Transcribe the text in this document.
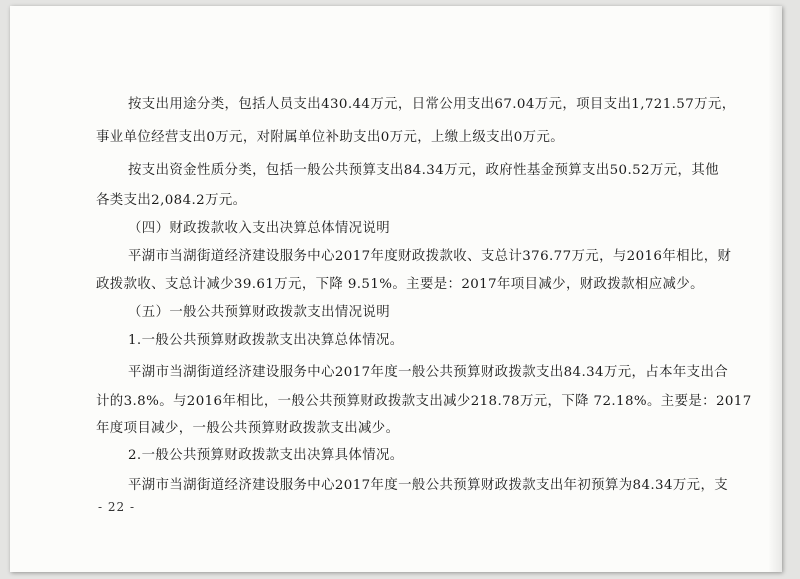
按支出用途分类，包括人员支出430.44万元，日常公用支出67.04万元，项目支出1,721.57万元，
事业单位经营支出0万元，对附属单位补助支出0万元，上缴上级支出0万元。
按支出资金性质分类，包括一般公共预算支出84.34万元，政府性基金预算支出50.52万元，其他
各类支出2,084.2万元。
（四）财政拨款收入支出决算总体情况说明
平湖市当湖街道经济建设服务中心2017年度财政拨款收、支总计376.77万元，与2016年相比，财
政拨款收、支总计减少39.61万元，下降 9.51%。主要是：2017年项目减少，财政拨款相应减少。
（五）一般公共预算财政拨款支出情况说明
1.一般公共预算财政拨款支出决算总体情况。
平湖市当湖街道经济建设服务中心2017年度一般公共预算财政拨款支出84.34万元，占本年支出合
计的3.8%。与2016年相比，一般公共预算财政拨款支出减少218.78万元，下降 72.18%。主要是：2017
年度项目减少，一般公共预算财政拨款支出减少。
2.一般公共预算财政拨款支出决算具体情况。
平湖市当湖街道经济建设服务中心2017年度一般公共预算财政拨款支出年初预算为84.34万元，支
- 22 -
